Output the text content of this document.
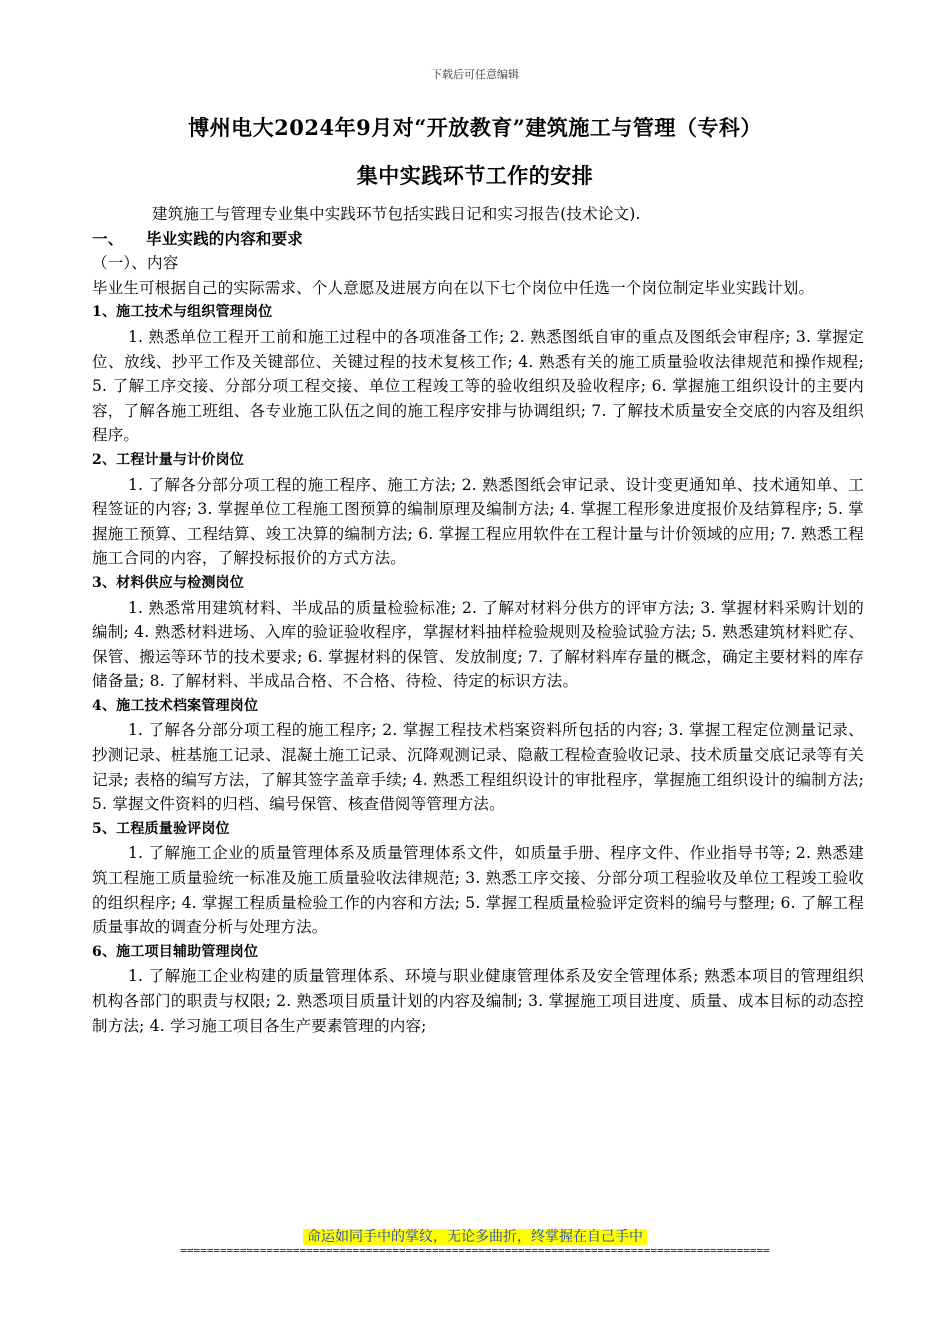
下载后可任意编辑
博州电大2024年9月对“开放教育”建筑施工与管理（专科）
集中实践环节工作的安排

建筑施工与管理专业集中实践环节包括实践日记和实习报告(技术论文).

一、 毕业实践的内容和要求

（一）、内容

毕业生可根据自己的实际需求、个人意愿及进展方向在以下七个岗位中任选一个岗位制定毕业实践计划。

1、施工技术与组织管理岗位

1. 熟悉单位工程开工前和施工过程中的各项准备工作; 2. 熟悉图纸自审的重点及图纸会审程序; 3. 掌握定位、放线、抄平工作及关键部位、关键过程的技术复核工作; 4. 熟悉有关的施工质量验收法律规范和操作规程; 5. 了解工序交接、分部分项工程交接、单位工程竣工等的验收组织及验收程序; 6. 掌握施工组织设计的主要内容，了解各施工班组、各专业施工队伍之间的施工程序安排与协调组织; 7. 了解技术质量安全交底的内容及组织程序。

2、工程计量与计价岗位

1. 了解各分部分项工程的施工程序、施工方法; 2. 熟悉图纸会审记录、设计变更通知单、技术通知单、工程签证的内容; 3. 掌握单位工程施工图预算的编制原理及编制方法; 4. 掌握工程形象进度报价及结算程序; 5. 掌握施工预算、工程结算、竣工决算的编制方法; 6. 掌握工程应用软件在工程计量与计价领域的应用; 7. 熟悉工程施工合同的内容，了解投标报价的方式方法。

3、材料供应与检测岗位

1. 熟悉常用建筑材料、半成品的质量检验标准; 2. 了解对材料分供方的评审方法; 3. 掌握材料采购计划的编制; 4. 熟悉材料进场、入库的验证验收程序，掌握材料抽样检验规则及检验试验方法; 5. 熟悉建筑材料贮存、保管、搬运等环节的技术要求; 6. 掌握材料的保管、发放制度; 7. 了解材料库存量的概念，确定主要材料的库存储备量; 8. 了解材料、半成品合格、不合格、待检、待定的标识方法。

4、施工技术档案管理岗位

1. 了解各分部分项工程的施工程序; 2. 掌握工程技术档案资料所包括的内容; 3. 掌握工程定位测量记录、抄测记录、桩基施工记录、混凝土施工记录、沉降观测记录、隐蔽工程检查验收记录、技术质量交底记录等有关记录; 表格的编写方法，了解其签字盖章手续; 4. 熟悉工程组织设计的审批程序，掌握施工组织设计的编制方法; 5. 掌握文件资料的归档、编号保管、核查借阅等管理方法。

5、工程质量验评岗位

1. 了解施工企业的质量管理体系及质量管理体系文件，如质量手册、程序文件、作业指导书等; 2. 熟悉建筑工程施工质量验统一标准及施工质量验收法律规范; 3. 熟悉工序交接、分部分项工程验收及单位工程竣工验收的组织程序; 4. 掌握工程质量检验工作的内容和方法; 5. 掌握工程质量检验评定资料的编号与整理; 6. 了解工程质量事故的调查分析与处理方法。

6、施工项目辅助管理岗位

1. 了解施工企业构建的质量管理体系、环境与职业健康管理体系及安全管理体系; 熟悉本项目的管理组织机构各部门的职责与权限; 2. 熟悉项目质量计划的内容及编制; 3. 掌握施工项目进度、质量、成本目标的动态控制方法; 4. 学习施工项目各生产要素管理的内容;

命运如同手中的掌纹，无论多曲折，终掌握在自己手中
=========================================================================================
